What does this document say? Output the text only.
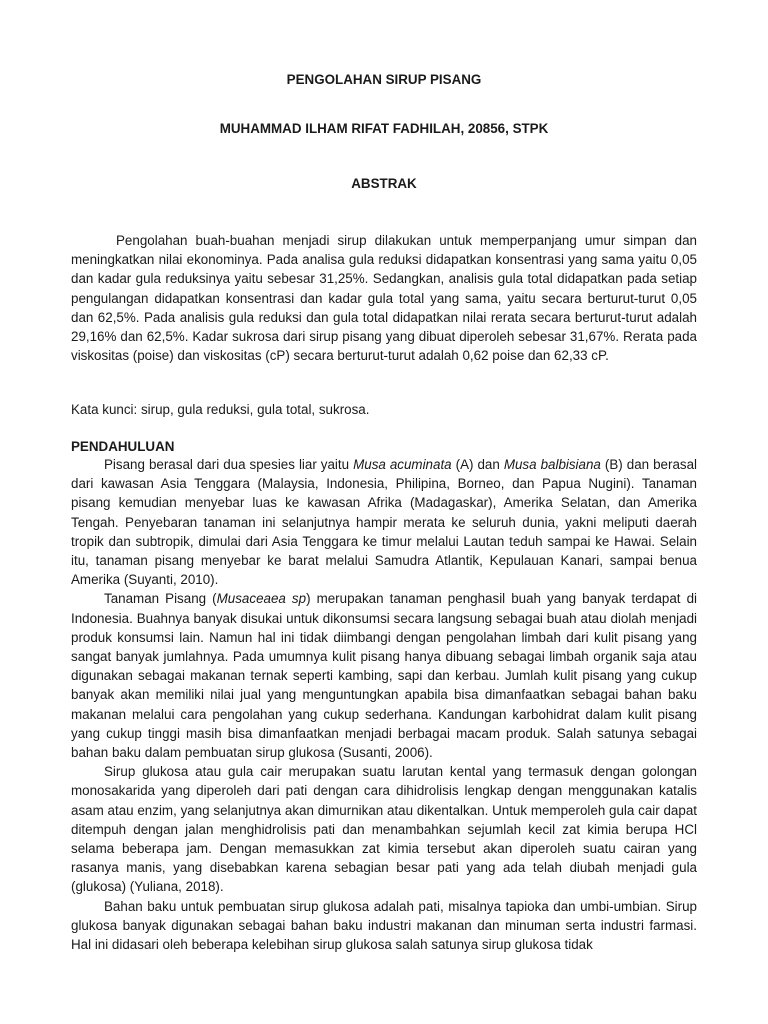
PENGOLAHAN SIRUP PISANG
MUHAMMAD ILHAM RIFAT FADHILAH, 20856, STPK
ABSTRAK
Pengolahan buah-buahan menjadi sirup dilakukan untuk memperpanjang umur simpan dan meningkatkan nilai ekonominya. Pada analisa gula reduksi didapatkan konsentrasi yang sama yaitu 0,05 dan kadar gula reduksinya yaitu sebesar 31,25%. Sedangkan, analisis gula total didapatkan pada setiap pengulangan didapatkan konsentrasi dan kadar gula total yang sama, yaitu secara berturut-turut 0,05 dan 62,5%. Pada analisis gula reduksi dan gula total didapatkan nilai rerata secara berturut-turut adalah 29,16% dan 62,5%. Kadar sukrosa dari sirup pisang yang dibuat diperoleh sebesar 31,67%. Rerata pada viskositas (poise) dan viskositas (cP) secara berturut-turut adalah 0,62 poise dan 62,33 cP.
Kata kunci: sirup, gula reduksi, gula total, sukrosa.
PENDAHULUAN

Pisang berasal dari dua spesies liar yaitu Musa acuminata (A) dan Musa balbisiana (B) dan berasal dari kawasan Asia Tenggara (Malaysia, Indonesia, Philipina, Borneo, dan Papua Nugini). Tanaman pisang kemudian menyebar luas ke kawasan Afrika (Madagaskar), Amerika Selatan, dan Amerika Tengah. Penyebaran tanaman ini selanjutnya hampir merata ke seluruh dunia, yakni meliputi daerah tropik dan subtropik, dimulai dari Asia Tenggara ke timur melalui Lautan teduh sampai ke Hawai. Selain itu, tanaman pisang menyebar ke barat melalui Samudra Atlantik, Kepulauan Kanari, sampai benua Amerika (Suyanti, 2010).

Tanaman Pisang (Musaceaea sp) merupakan tanaman penghasil buah yang banyak terdapat di Indonesia. Buahnya banyak disukai untuk dikonsumsi secara langsung sebagai buah atau diolah menjadi produk konsumsi lain. Namun hal ini tidak diimbangi dengan pengolahan limbah dari kulit pisang yang sangat banyak jumlahnya. Pada umumnya kulit pisang hanya dibuang sebagai limbah organik saja atau digunakan sebagai makanan ternak seperti kambing, sapi dan kerbau. Jumlah kulit pisang yang cukup banyak akan memiliki nilai jual yang menguntungkan apabila bisa dimanfaatkan sebagai bahan baku makanan melalui cara pengolahan yang cukup sederhana. Kandungan karbohidrat dalam kulit pisang yang cukup tinggi masih bisa dimanfaatkan menjadi berbagai macam produk. Salah satunya sebagai bahan baku dalam pembuatan sirup glukosa (Susanti, 2006).

Sirup glukosa atau gula cair merupakan suatu larutan kental yang termasuk dengan golongan monosakarida yang diperoleh dari pati dengan cara dihidrolisis lengkap dengan menggunakan katalis asam atau enzim, yang selanjutnya akan dimurnikan atau dikentalkan. Untuk memperoleh gula cair dapat ditempuh dengan jalan menghidrolisis pati dan menambahkan sejumlah kecil zat kimia berupa HCl selama beberapa jam. Dengan memasukkan zat kimia tersebut akan diperoleh suatu cairan yang rasanya manis, yang disebabkan karena sebagian besar pati yang ada telah diubah menjadi gula (glukosa) (Yuliana, 2018).

Bahan baku untuk pembuatan sirup glukosa adalah pati, misalnya tapioka dan umbi-umbian. Sirup glukosa banyak digunakan sebagai bahan baku industri makanan dan minuman serta industri farmasi. Hal ini didasari oleh beberapa kelebihan sirup glukosa salah satunya sirup glukosa tidak
